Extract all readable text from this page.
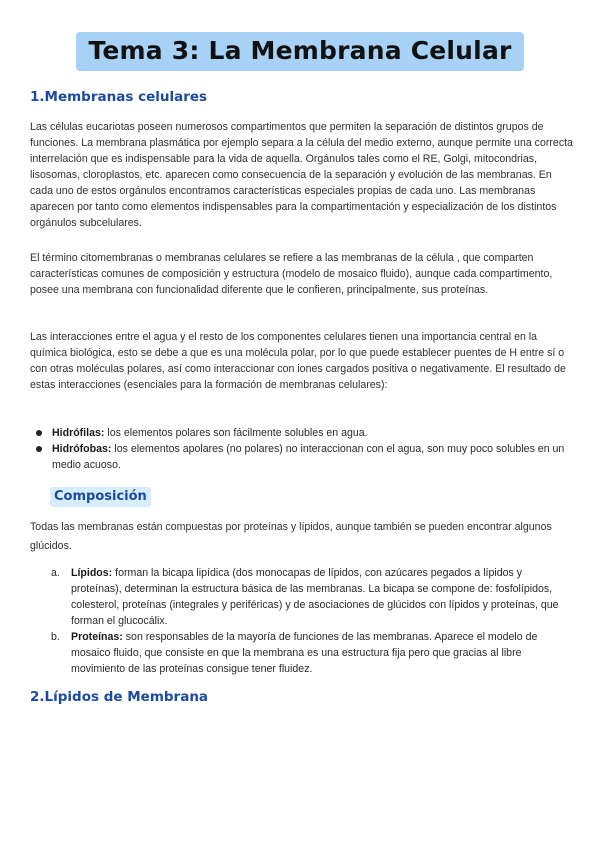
Tema 3: La Membrana Celular
1.Membranas celulares

Las células eucariotas poseen numerosos compartimentos que permiten la separación de distintos grupos de funciones. La membrana plasmática por ejemplo separa a la célula del medio externo, aunque permite una correcta interrelación que es indispensable para la vida de aquella. Orgánulos tales como el RE, Golgi, mitocondrias, lisosomas, cloroplastos, etc. aparecen como consecuencia de la separación y evolución de las membranas. En cada uno de estos orgánulos encontramos características especiales propias de cada uno. Las membranas aparecen por tanto como elementos indispensables para la compartimentación y especialización de los distintos orgánulos subcelulares.

El término citomembranas o membranas celulares se refiere a las membranas de la célula , que comparten características comunes de composición y estructura (modelo de mosaico fluido), aunque cada compartimento, posee una membrana con funcionalidad diferente que le confieren, principalmente, sus proteínas.

Las interacciones entre el agua y el resto de los componentes celulares tienen una importancia central en la química biológica, esto se debe a que es una molécula polar, por lo que puede establecer puentes de H entre sí o con otras moléculas polares, así como interaccionar con iones cargados positiva o negativamente. El resultado de estas interacciones (esenciales para la formación de membranas celulares):

Hidrófilas: los elementos polares son fácilmente solubles en agua.
Hidrófobas: los elementos apolares (no polares) no interaccionan con el agua, son muy poco solubles en un medio acuoso.
Composición

Todas las membranas están compuestas por proteínas y lípidos, aunque también se pueden encontrar algunos glúcidos.

a. Lípidos: forman la bicapa lipídica (dos monocapas de lípidos, con azúcares pegados a lípidos y proteínas), determinan la estructura básica de las membranas. La bicapa se compone de: fosfolípidos, colesterol, proteínas (integrales y periféricas) y de asociaciones de glúcidos con lípidos y proteínas, que forman el glucocálix.
b. Proteínas: son responsables de la mayoría de funciones de las membranas. Aparece el modelo de mosaico fluido, que consiste en que la membrana es una estructura fija pero que gracias al libre movimiento de las proteínas consigue tener fluidez.
2.Lípidos de Membrana
